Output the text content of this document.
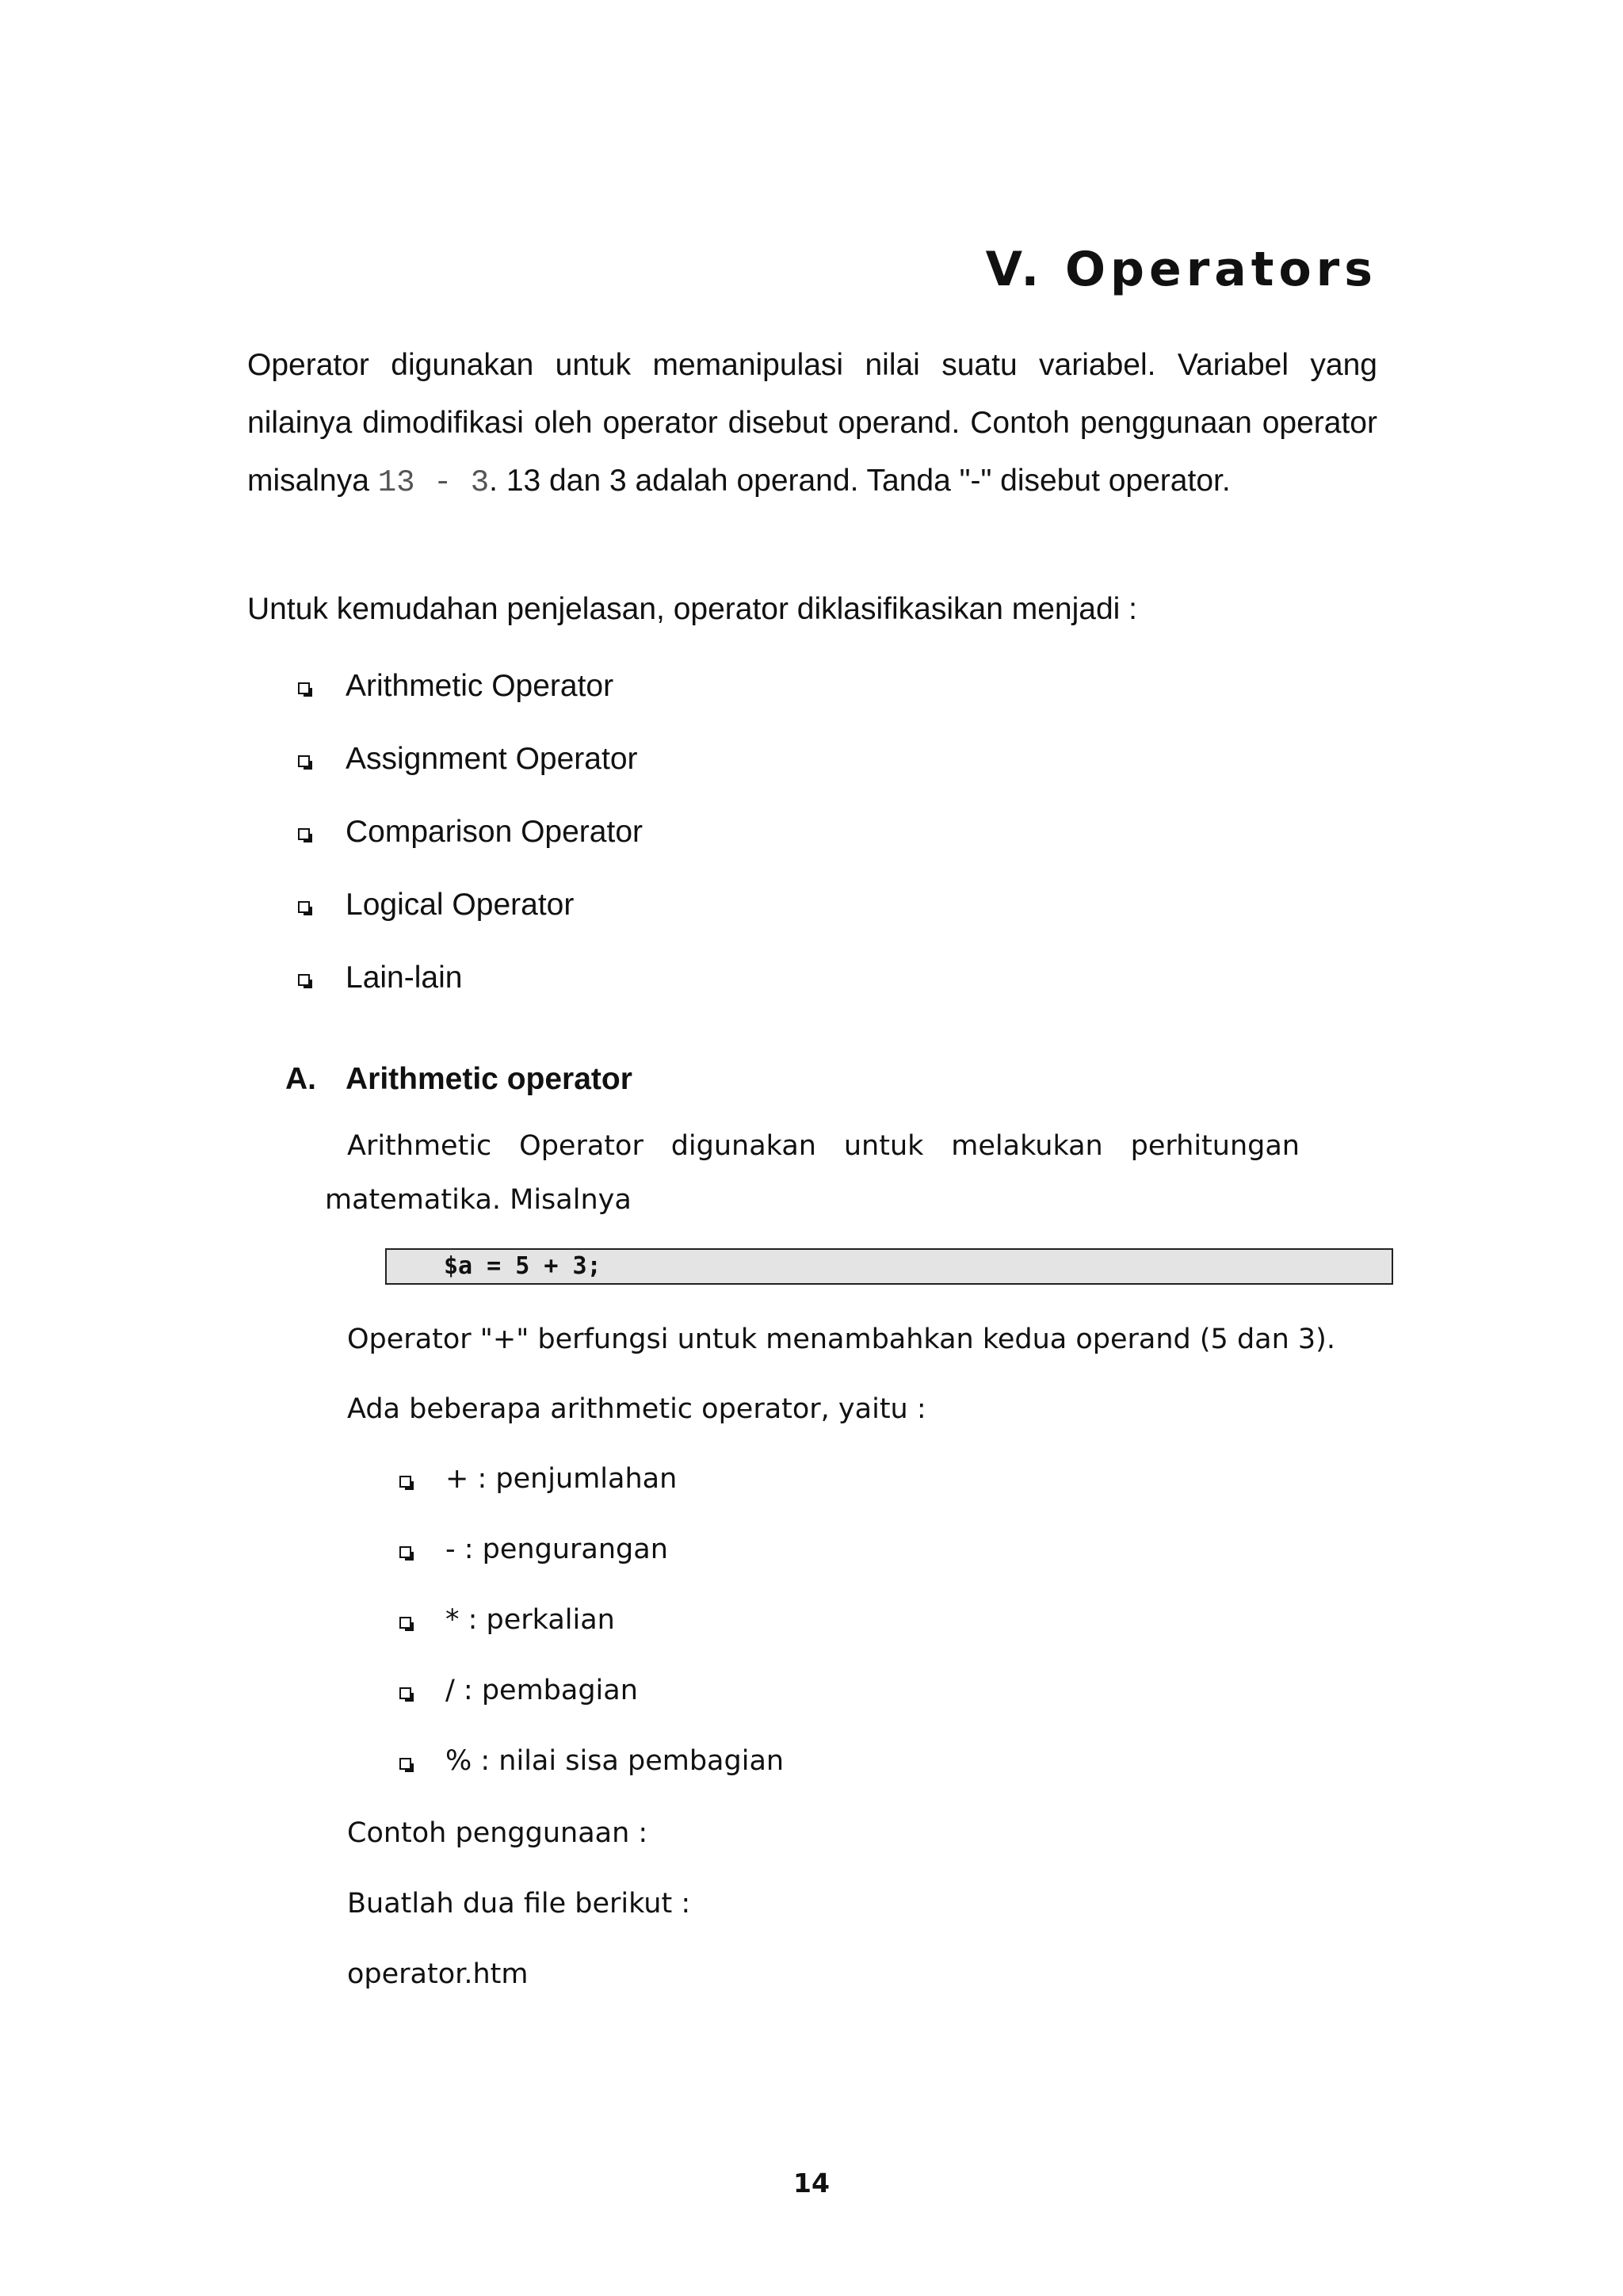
V. Operators

Operator digunakan untuk memanipulasi nilai suatu variabel. Variabel yang nilainya dimodifikasi oleh operator disebut operand. Contoh penggunaan operator misalnya 13 - 3. 13 dan 3 adalah operand. Tanda "-" disebut operator.

Untuk kemudahan penjelasan, operator diklasifikasikan menjadi :

Arithmetic Operator
Assignment Operator
Comparison Operator
Logical Operator
Lain-lain
A. Arithmetic operator

Arithmetic Operator digunakan untuk melakukan perhitungan matematika. Misalnya

$a = 5 + 3;

Operator "+" berfungsi untuk menambahkan kedua operand (5 dan 3).

Ada beberapa arithmetic operator, yaitu :

+ : penjumlahan
- : pengurangan
* : perkalian
/ : pembagian
% : nilai sisa pembagian

Contoh penggunaan :

Buatlah dua file berikut :

operator.htm

14
